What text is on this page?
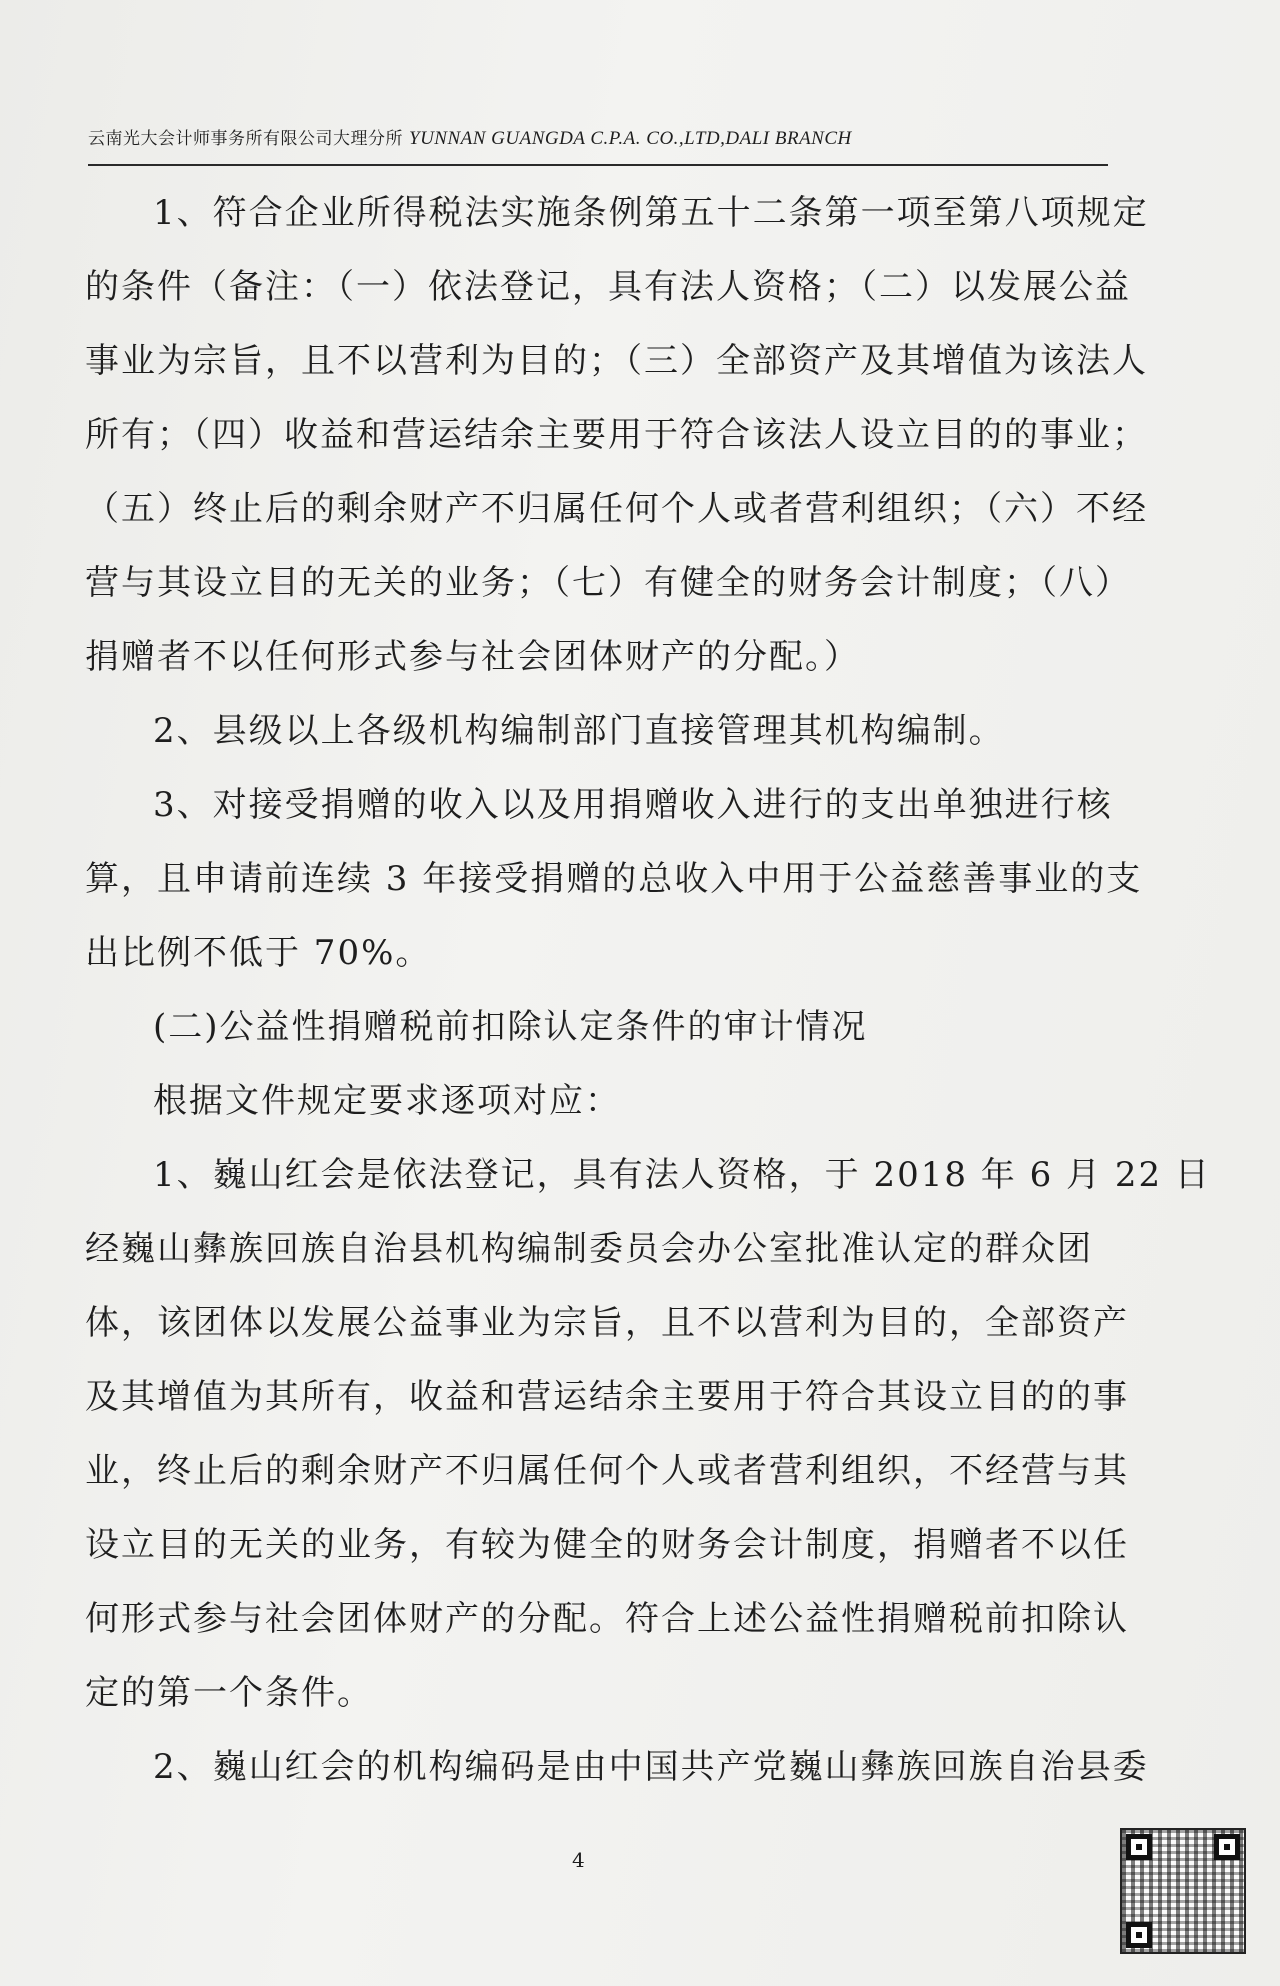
云南光大会计师事务所有限公司大理分所 YUNNAN GUANGDA C.P.A. CO.,LTD,DALI BRANCH
1、符合企业所得税法实施条例第五十二条第一项至第八项规定
的条件（备注：（一）依法登记，具有法人资格；（二）以发展公益
事业为宗旨，且不以营利为目的；（三）全部资产及其增值为该法人
所有；（四）收益和营运结余主要用于符合该法人设立目的的事业；
（五）终止后的剩余财产不归属任何个人或者营利组织；（六）不经
营与其设立目的无关的业务；（七）有健全的财务会计制度；（八）
捐赠者不以任何形式参与社会团体财产的分配。）
2、县级以上各级机构编制部门直接管理其机构编制。
3、对接受捐赠的收入以及用捐赠收入进行的支出单独进行核
算，且申请前连续 3 年接受捐赠的总收入中用于公益慈善事业的支
出比例不低于 70%。
(二)公益性捐赠税前扣除认定条件的审计情况
根据文件规定要求逐项对应：
1、巍山红会是依法登记，具有法人资格，于 2018 年 6 月 22 日
经巍山彝族回族自治县机构编制委员会办公室批准认定的群众团
体，该团体以发展公益事业为宗旨，且不以营利为目的，全部资产
及其增值为其所有，收益和营运结余主要用于符合其设立目的的事
业，终止后的剩余财产不归属任何个人或者营利组织，不经营与其
设立目的无关的业务，有较为健全的财务会计制度，捐赠者不以任
何形式参与社会团体财产的分配。符合上述公益性捐赠税前扣除认
定的第一个条件。
2、巍山红会的机构编码是由中国共产党巍山彝族回族自治县委
4
